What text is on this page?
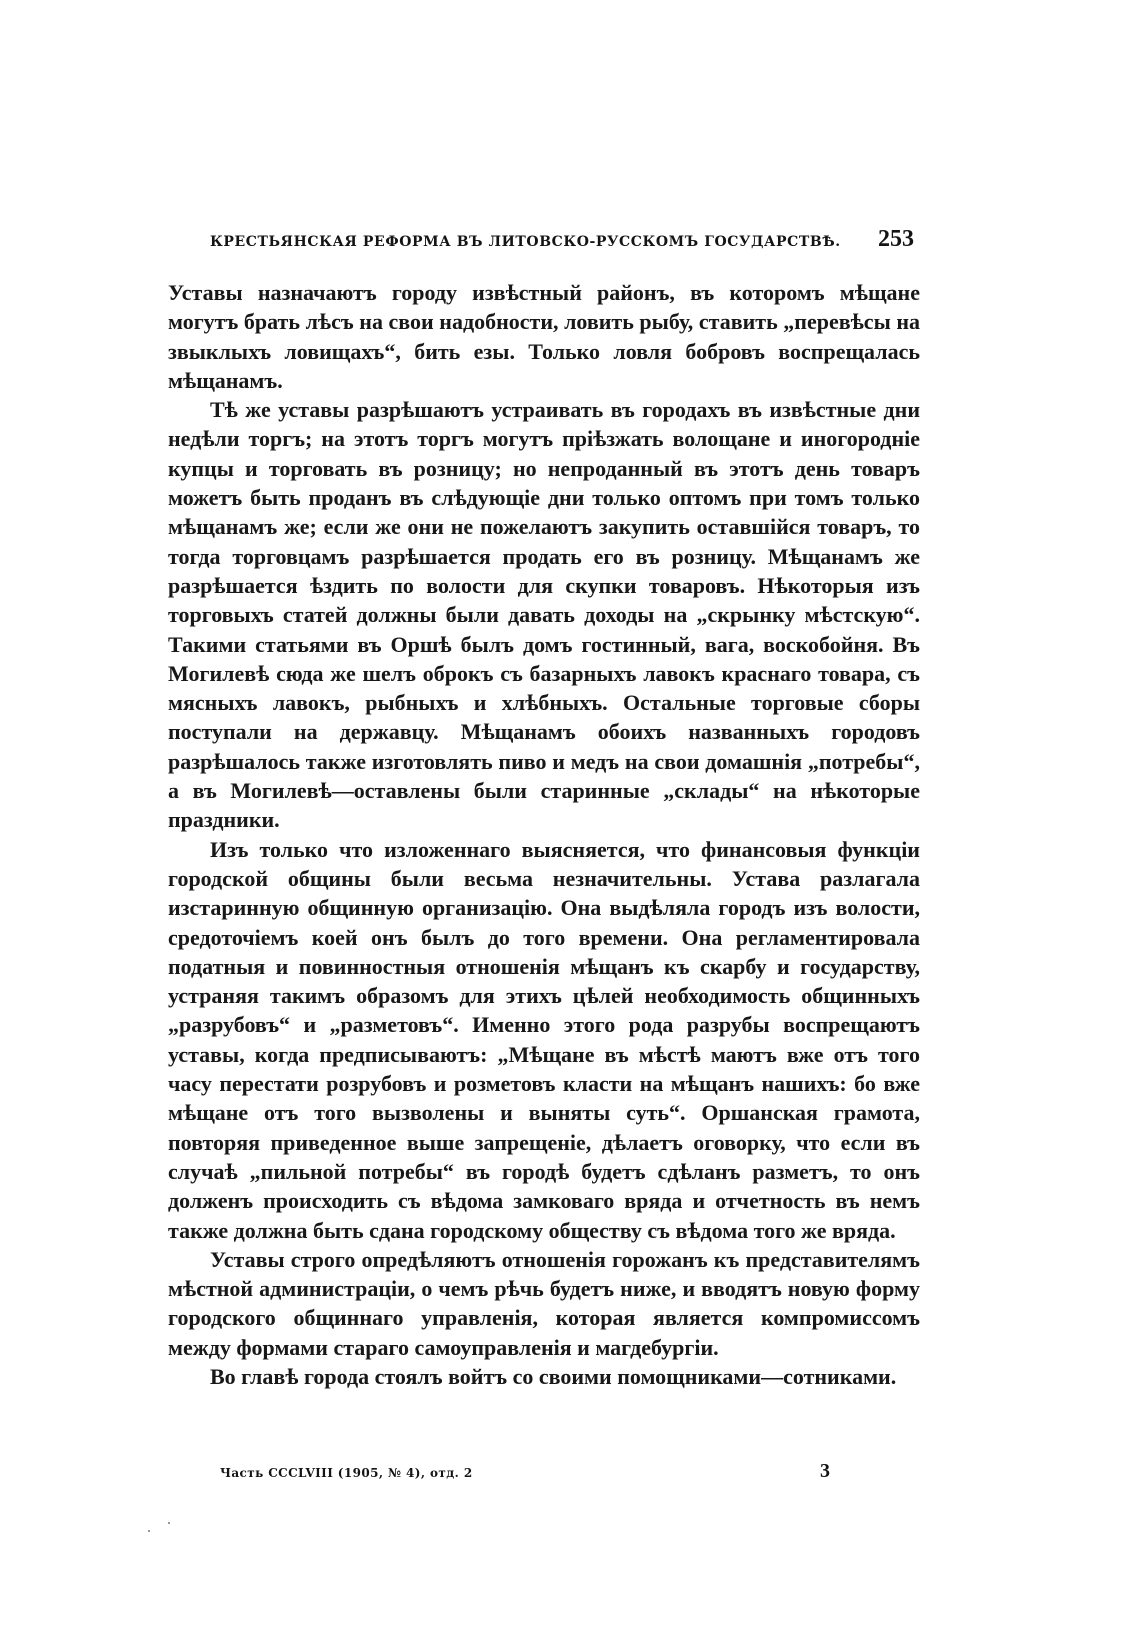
КРЕСТЬЯНСКАЯ РЕФОРМА ВЪ ЛИТОВСКО-РУССКОМЪ ГОСУДАРСТВѢ. 253

Уставы назначаютъ городу извѣстный районъ, въ которомъ мѣщане могутъ брать лѣсъ на свои надобности, ловить рыбу, ставить „перевѣсы на звыклыхъ ловищахъ“, бить езы. Только ловля бобровъ воспрещалась мѣщанамъ.

Тѣ же уставы разрѣшаютъ устраивать въ городахъ въ извѣстные дни недѣли торгъ; на этотъ торгъ могутъ пріѣзжать волощане и иногородніе купцы и торговать въ розницу; но непроданный въ этотъ день товаръ можетъ быть проданъ въ слѣдующіе дни только оптомъ при томъ только мѣщанамъ же; если же они не пожелаютъ закупить оставшійся товаръ, то тогда торговцамъ разрѣшается продать его въ розницу. Мѣщанамъ же разрѣшается ѣздить по волости для скупки товаровъ. Нѣкоторыя изъ торговыхъ статей должны были давать доходы на „скрынку мѣстскую“. Такими статьями въ Оршѣ былъ домъ гостинный, вага, воскобойня. Въ Могилевѣ сюда же шелъ оброкъ съ базарныхъ лавокъ краснаго товара, съ мясныхъ лавокъ, рыбныхъ и хлѣбныхъ. Остальные торговые сборы поступали на державцу. Мѣщанамъ обоихъ названныхъ городовъ разрѣшалось также изготовлять пиво и медъ на свои домашнія „потребы“, а въ Могилевѣ—оставлены были старинные „склады“ на нѣкоторые праздники.

Изъ только что изложеннаго выясняется, что финансовыя функціи городской общины были весьма незначительны. Устава разлагала изстаринную общинную организацію. Она выдѣляла городъ изъ волости, средоточіемъ коей онъ былъ до того времени. Она регламентировала податныя и повинностныя отношенія мѣщанъ къ скарбу и государству, устраняя такимъ образомъ для этихъ цѣлей необходимость общинныхъ „разрубовъ“ и „разметовъ“. Именно этого рода разрубы воспрещаютъ уставы, когда предписываютъ: „Мѣщане въ мѣстѣ маютъ вже отъ того часу перестати розрубовъ и розметовъ класти на мѣщанъ нашихъ: бо вже мѣщане отъ того вызволены и выняты суть“. Оршанская грамота, повторяя приведенное выше запрещеніе, дѣлаетъ оговорку, что если въ случаѣ „пильной потребы“ въ городѣ будетъ сдѣланъ разметъ, то онъ долженъ происходить съ вѣдома замковаго вряда и отчетность въ немъ также должна быть сдана городскому обществу съ вѣдома того же вряда.

Уставы строго опредѣляютъ отношенія горожанъ къ представителямъ мѣстной администраціи, о чемъ рѣчь будетъ ниже, и вводятъ новую форму городского общиннаго управленія, которая является компромиссомъ между формами стараго самоуправленія и магдебургіи.

Во главѣ города стоялъ войтъ со своими помощниками—сотниками.

Часть CCCLVIII (1905, № 4), отд. 2	3
